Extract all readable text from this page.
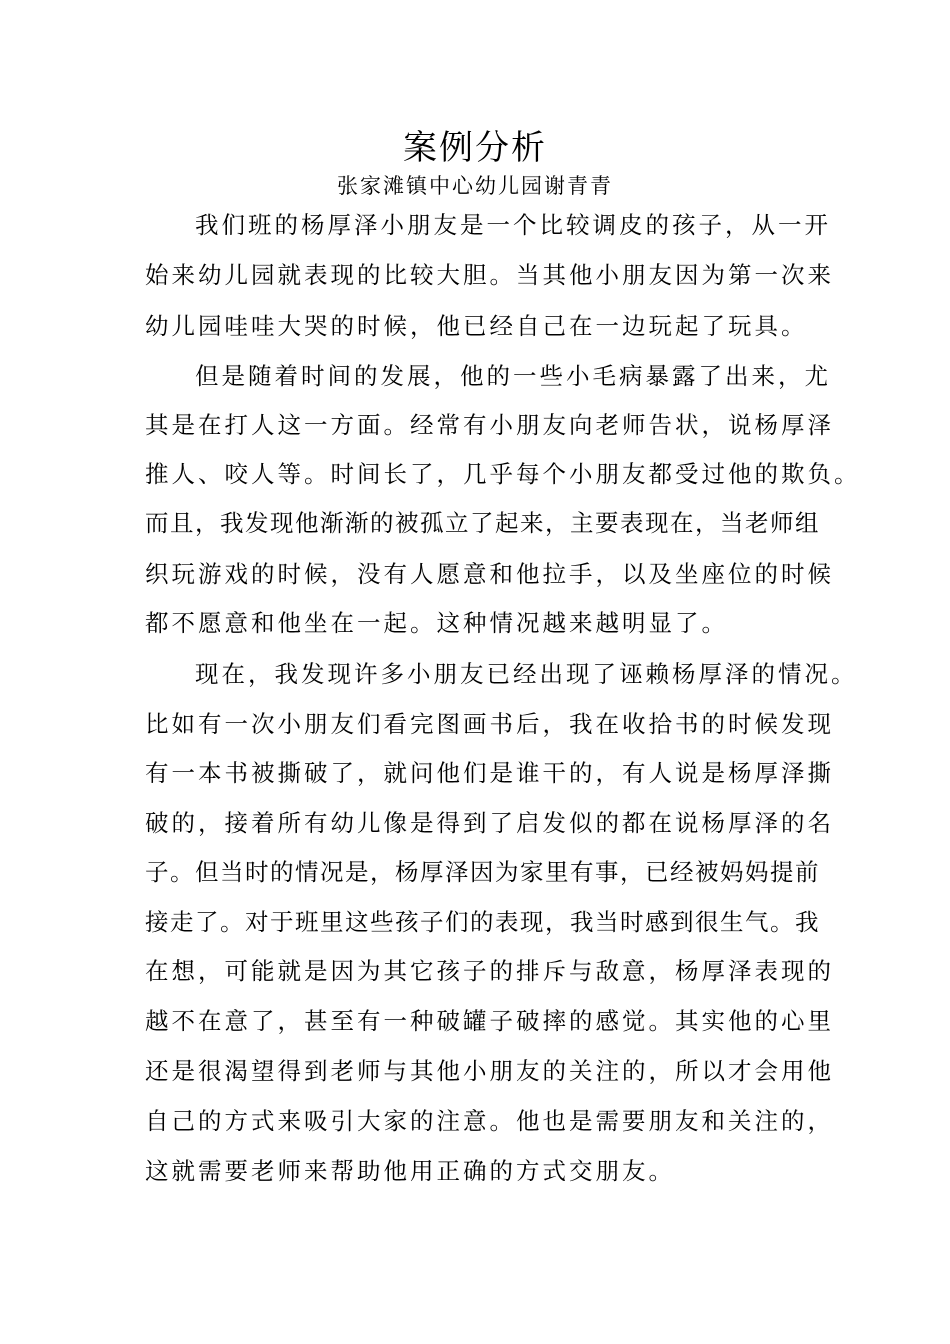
案例分析
张家滩镇中心幼儿园谢青青
我们班的杨厚泽小朋友是一个比较调皮的孩子，从一开
始来幼儿园就表现的比较大胆。当其他小朋友因为第一次来
幼儿园哇哇大哭的时候，他已经自己在一边玩起了玩具。
但是随着时间的发展，他的一些小毛病暴露了出来，尤
其是在打人这一方面。经常有小朋友向老师告状，说杨厚泽
推人、咬人等。时间长了，几乎每个小朋友都受过他的欺负。
而且，我发现他渐渐的被孤立了起来，主要表现在，当老师组
织玩游戏的时候，没有人愿意和他拉手，以及坐座位的时候
都不愿意和他坐在一起。这种情况越来越明显了。
现在，我发现许多小朋友已经出现了诬赖杨厚泽的情况。
比如有一次小朋友们看完图画书后，我在收拾书的时候发现
有一本书被撕破了，就问他们是谁干的，有人说是杨厚泽撕
破的，接着所有幼儿像是得到了启发似的都在说杨厚泽的名
子。但当时的情况是，杨厚泽因为家里有事，已经被妈妈提前
接走了。对于班里这些孩子们的表现，我当时感到很生气。我
在想，可能就是因为其它孩子的排斥与敌意，杨厚泽表现的
越不在意了，甚至有一种破罐子破摔的感觉。其实他的心里
还是很渴望得到老师与其他小朋友的关注的，所以才会用他
自己的方式来吸引大家的注意。他也是需要朋友和关注的，
这就需要老师来帮助他用正确的方式交朋友。
